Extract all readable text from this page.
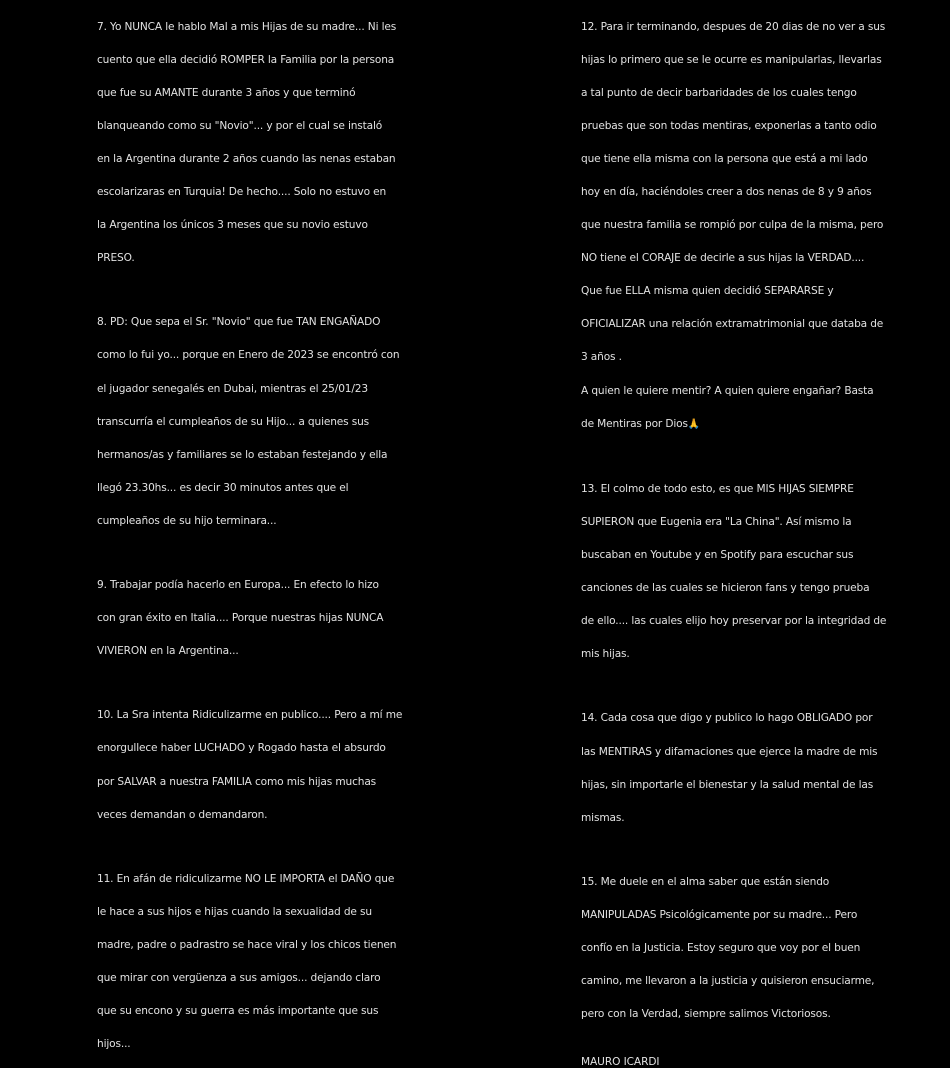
7. Yo NUNCA le hablo Mal a mis Hijas de su madre... Ni les

cuento que ella decidió ROMPER la Familia por la persona

que fue su AMANTE durante 3 años y que terminó

blanqueando como su "Novio"... y por el cual se instaló

en la Argentina durante 2 años cuando las nenas estaban

escolarizaras en Turquia! De hecho.... Solo no estuvo en

la Argentina los únicos 3 meses que su novio estuvo

PRESO.

8. PD: Que sepa el Sr. "Novio" que fue TAN ENGAÑADO

como lo fui yo... porque en Enero de 2023 se encontró con

el jugador senegalés en Dubai, mientras el 25/01/23

transcurría el cumpleaños de su Hijo... a quienes sus

hermanos/as y familiares se lo estaban festejando y ella

llegó 23.30hs... es decir 30 minutos antes que el

cumpleaños de su hijo terminara...

9. Trabajar podía hacerlo en Europa... En efecto lo hizo

con gran éxito en Italia.... Porque nuestras hijas NUNCA

VIVIERON en la Argentina...

10. La Sra intenta Ridiculizarme en publico.... Pero a mí me

enorgullece haber LUCHADO y Rogado hasta el absurdo

por SALVAR a nuestra FAMILIA como mis hijas muchas

veces demandan o demandaron.

11. En afán de ridiculizarme NO LE IMPORTA el DAÑO que

le hace a sus hijos e hijas cuando la sexualidad de su

madre, padre o padrastro se hace viral y los chicos tienen

que mirar con vergüenza a sus amigos... dejando claro

que su encono y su guerra es más importante que sus

hijos...

12. Para ir terminando, despues de 20 dias de no ver a sus

hijas lo primero que se le ocurre es manipularlas, llevarlas

a tal punto de decir barbaridades de los cuales tengo

pruebas que son todas mentiras, exponerlas a tanto odio

que tiene ella misma con la persona que está a mi lado

hoy en día, haciéndoles creer a dos nenas de 8 y 9 años

que nuestra familia se rompió por culpa de la misma, pero

NO tiene el CORAJE de decirle a sus hijas la VERDAD....

Que fue ELLA misma quien decidió SEPARARSE y

OFICIALIZAR una relación extramatrimonial que databa de

3 años .

A quien le quiere mentir? A quien quiere engañar? Basta

de Mentiras por Dios🙏

13. El colmo de todo esto, es que MIS HIJAS SIEMPRE

SUPIERON que Eugenia era "La China". Así mismo la

buscaban en Youtube y en Spotify para escuchar sus

canciones de las cuales se hicieron fans y tengo prueba

de ello.... las cuales elijo hoy preservar por la integridad de

mis hijas.

14. Cada cosa que digo y publico lo hago OBLIGADO por

las MENTIRAS y difamaciones que ejerce la madre de mis

hijas, sin importarle el bienestar y la salud mental de las

mismas.

15. Me duele en el alma saber que están siendo

MANIPULADAS Psicológicamente por su madre... Pero

confío en la Justicia. Estoy seguro que voy por el buen

camino, me llevaron a la justicia y quisieron ensuciarme,

pero con la Verdad, siempre salimos Victoriosos.

MAURO ICARDI
